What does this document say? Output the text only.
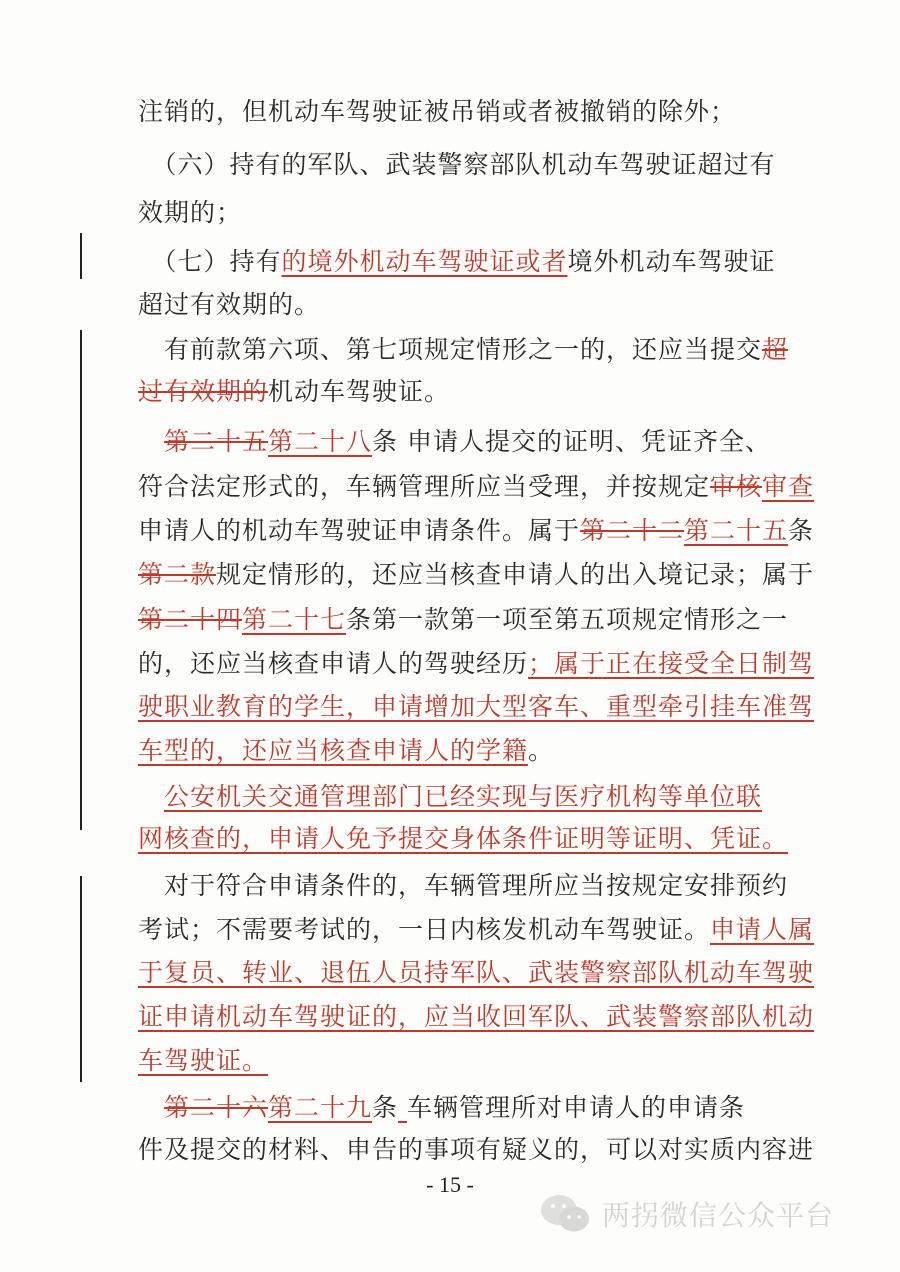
注销的，但机动车驾驶证被吊销或者被撤销的除外；
　（六）持有的军队、武装警察部队机动车驾驶证超过有
效期的；
　（七）持有的境外机动车驾驶证或者境外机动车驾驶证
超过有效期的。
　有前款第六项、第七项规定情形之一的，还应当提交超
过有效期的机动车驾驶证。
　第二十五第二十八条 申请人提交的证明、凭证齐全、
符合法定形式的，车辆管理所应当受理，并按规定审核审查
申请人的机动车驾驶证申请条件。属于第二十二第二十五条
第二款规定情形的，还应当核查申请人的出入境记录；属于
第二十四第二十七条第一款第一项至第五项规定情形之一
的，还应当核查申请人的驾驶经历；属于正在接受全日制驾
驶职业教育的学生，申请增加大型客车、重型牵引挂车准驾
车型的，还应当核查申请人的学籍。
　公安机关交通管理部门已经实现与医疗机构等单位联
网核查的，申请人免予提交身体条件证明等证明、凭证。
　对于符合申请条件的，车辆管理所应当按规定安排预约
考试；不需要考试的，一日内核发机动车驾驶证。申请人属
于复员、转业、退伍人员持军队、武装警察部队机动车驾驶
证申请机动车驾驶证的，应当收回军队、武装警察部队机动
车驾驶证。
　第二十六第二十九条 车辆管理所对申请人的申请条
件及提交的材料、申告的事项有疑义的，可以对实质内容进
- 15 -
两拐微信公众平台
